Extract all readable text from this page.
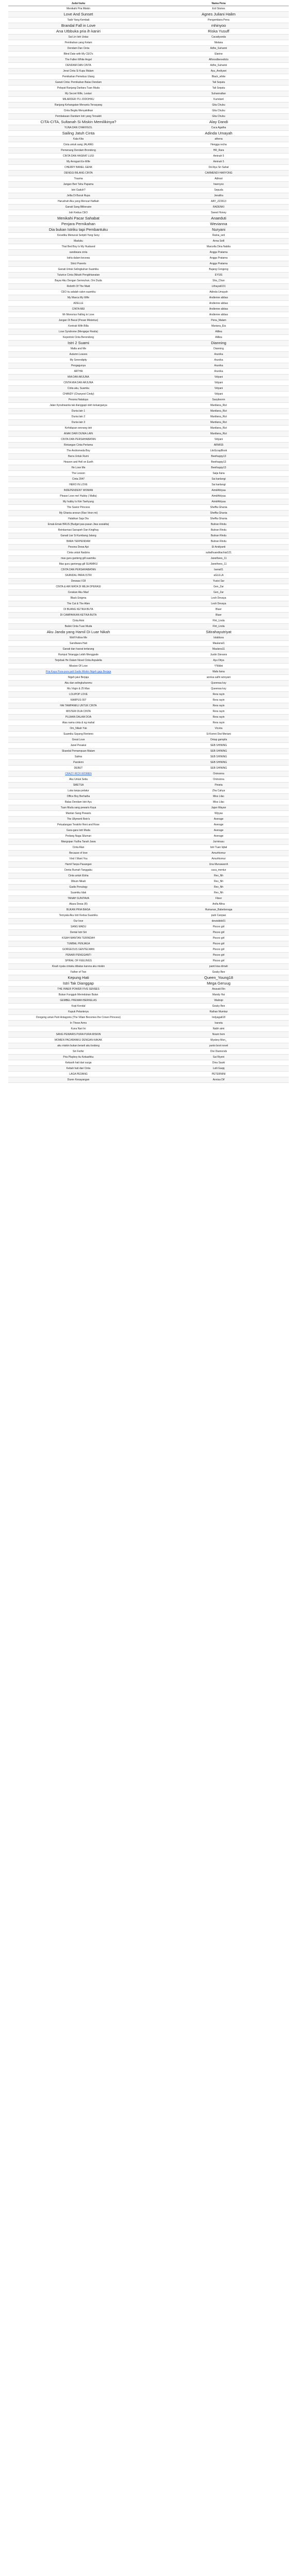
Judul buku	Nama Pena
Menikahi Pria Miskin	Ecil Stories
Love And Sunset	Agnes Juliani Halim
Tadir Yang Kembali	Pengembara Pena
Brandal Fall in Love	mhinyoo
Ana Utbbuka pria ih kaniri	Riska Yusuff
Sai Lin Istri Ustaz	Cacadyunda
Pernikahan yang Kelam	Melana
Dendam Dan Cinta	Adhe_Suhanni
Blind Date with My CEO's	Elarine
The Fallen White Angel	Alfonsdbenedicts
DENDAM DAN CINTA	Adhe_Suhanni
Jerat Cinta Si Kupu Malam	Ayu_Andiyani
Pemikahan Pemebus Utang	Black_white
Ganati Cinta: Pernikahan Balas Dendam	Tali Sepatu
Pelayat Ranjang Daritara Tuan Muda	Tali Sepatu
My Secret Wife, Lestari	Suhannaltan
MILARDER ITU JODOHKU	Kuristant
Ranjang Kehangatan Menantu Tersayang	Gita Chubu
Cinta Begitu Menyakitkan	Gita Chubu
Pembalasan Dandam Istri yang Tersakiti	Gita Chubu
CITA-CITA, Sultanah Si Miskin Memilikinya?	Alay Dandi
YUNA DAN CHANYEOL	Caca Agatha
Sailing Jatuh Cinta	Adinda Umayah
Kala Kita	athena
Cinta untuk sang JALANG	Hengga recha
Pemenang Dendam Brondong	HR_Rara
CINTA DAN HASRAT LUSI	Aminah 5
My Arrogant Ex-Wife	Aminah 5
CHERRY BANEL GENK	Dol Ayu Sri Sahat
DENGGI BILANG CINTA	CARMENDI HARYONG
Trauma	Adinari
Jangan Beri Tahu Papamu	hwenyoo
Istri Gaduh?	Sepuda
Jellia Di Buruk Rupa	Jenafira
Harushah Aku yang Mencari Nafkah	AAY_ZZ2613
Ganati Sang Billionaire	RADENKI
Istri Kedua CEO	Sweet Honey
Menikahi Pacar Sahabat	Anaeduti
Penjara Pernikahan	Wevianna
Dia bukan Istriku tapi Pembantuku	Nuryani
Kesetiku Menuruk Seripiti Yang Sexy	Ratna_seti
Maduku	Anna Seill
That Bed Boy Is My Husband	Marcella Dina Nabila
sandiwara cinta	Angga Pratama
Istrla dalam kecewa	Angga Pratama
Strict Parents	Angga Pratama
Ganati Untuk Selingkuhan Suamiku	Bujang Cengeng
Tuturice Cinta (Nikahi Pengkhianatan	EYSIS
Bayar Aku Dengan Semnuhan, Om Duda	Sha_Chan
Rebirth Of The Maid	Lithayati101
CEO ku adalah calon suamiku	Adinda Umayah
My Mavca My Wife	Andienne abbas
ADELLE	Andienne abbas
CINTA MEI	Andienne abbas
Mr Monorius Falling in Love	Andienne abbas
Jangan Di Bacal (Pesan Misterius)	Pena_Malam
Kontrak With Billa	Mariana_Eia
Love Syndrome (Mengejar Resita)	Alillea
Kepentok Cinta Berondong	Alillea
Istri 2 Suami	Dianning
Mafia and Me	Dianning
Autumn Leaves	Arunika
My Serendipity	Arunika
Pengagunya	Arunika
ARTHA	Arunika
MIA DAN ARJUNA	Vidyani
CINTA MIA DAN ARJUNA	Vidyani
Cinta aku, Suamku	Vidyani
CHANDY (Chanyeol Cindy)	Vidyani
Pesona Nataluya	Saxyboonn
Jalan Kynahwanta tak dianggapi oleh keluarganya	Mardiana_Rizi
Dunia lain 1	Mardiana_Rizi
Dunia lain 2	Mardiana_Rizi
Dunia lain 3	Mardiana_Rizi
Kehidupan seorang istri	Mardiana_Rizi
ANAK DARI DUNIA LAIN	Mardiana_Rizi
CINTA DAN PERSAHABATAN	Vidyani
Rintangan Cinta Pertama	ARMIS5
The Andromeda Boy	LitoScrapBook
Barra Untuk Rumi	Beeihappy13
Heaven and Hell on Earth	Beeihappy13
He Love Me	Beeihappy13
The Lesson	Saija Ilana
Cinta 2047	Sai kanlangi
HERO IN LOVE	Sai kanlangi
INDEPENDENT WOMAN	AimiiAhiiyaa
Please Love me! Hubby ( Mafia)	AimiiAhiiyaa
My hubby Is Kim Taehyung	AimiiAhiiyaa
The Savior Princess	Sheffia Ghania
My Ghania arooun (Rae Veon mi)	Sheffia Ghania
Halalkan Saja Dia	Sheffia Ghania
Emak-Emak BRUS (Budget pas-pasan Jiwa sosialita)	Butiran Rindu
Reinkarnasi Sanapeh Dan Kinglhay	Butiran Rindu
Ganati Liar Si Kumbang Jalang	Butiran Rindu
BARA TERPENDAM	Butiran Rindu
Pesona Dewa Api	Et Andiyanti
Cinta untuk Nadzira	sufadhuanditachial121
mas guru ganteng gill suamiku	Janethees_11
Mas guru gantengg gill SUAMIKU	Janethees_11
CINTA DAN PERSAHABATAN	Isena01
SKANDAL PARA ISTRI	aGULLA
Dewasa V18	Yusisi Sar
CINTA & AIR MATA DI MEJA OPERASI	Gen_Zar
Cerakan Aku Mas!	Gen_Zar
Black Enigma	Lesh Devaya
The Cat & The Alien	Lesh Devaya
DI BUANG KETIKA BUTA	Bluer
DI CAMPAKKAN KETIKA BUTA	Bluer
Cinta Arini	Flirt_Linda
Balski Cinta Tuan Muda	Flirt_Linda
Aku Janda yang Hamil Di Luar Nikah	Sitirahayutriyat
Wolf Follow Me	Islabluva
Sandiwara Hati	Maulanal1
Ganati dan hasrat terlarang	Maulana11
Rumput Tetangga Lebih Menggode	Justin Stevans
Terjebak He Dalam Novel Cinta Anpalelia	Ayu Ditya
Mission Of Love	Y'Wdini
Pria Kaya Pura-pura jadi Gadis Miskin Nigeh gaju Berjaja	Mafa fama
Nigeh jaiui Berjaja	annisa safiri wiroyani
Aku dan selingkuhanmu	Queenaa ksy
Mu Virgin & 25 Man	Queenaa ksy
LOLIPOP LOVE	Rera rayin
KAMPUS 007	Rera rayin
HAI TAMPANKU UNTUK CINTA	Rera rayin
MISTERI DUA CINTA	Rera rayin
PUJAAN DALAM DOA	Rera rayin
Atas nama cinta & ng mahal	Rera rayin
Om_Nikah Yuk	Vicvira
Suamiku Sayang Renteno	Si Komni Dwi Meriani
Great Love	Ontap gampila
Janel Pesaksi	SEB SHINING
Skandal Pemampuan Malam	SEB SHINING
Salma	SEB SHINING
Pandemi	SEB SHINING
DEBUT	SEB SHINING
CRAZY RICH WOMEN	Oninonna
Aku Untuk Setia	Oninonna
SMETSA	Pinieta
Luka tanpa pelatur	Zha Cahya
Office Boy Berhatha	Miss Lilac
Balas Dendam Istri Ayu	Miss Lilac
Tuan Muda sang pewaris Kaya	Jajan Wayan
Mantan Sang Pewaris	Wiyyas
The Ullymerti Rein's	Average
Petualangan Terakhir Reni and Rose	Average
Gara-gara Istri Muda	Average
Pedang Naga Siluman	Average
Mangopan Yudha Tanah Jawa	Jurmirasu
Cinta Alan	Istri Tuan Iqbal
Because of love	Amurhiomur
Vind I Want You	Amurhiomur
Hamil Tanpa Pasangan	Una Munawaroh
Denta Rumah Tanggaku	caca_mentur
Cinta untuk Elsha	Rev_Nh
Dibum Nikah	Rev_Nh
Gadis Penulogy	Rev_Nh
Suamiku Idak	Rev_Nh
TANAH SUNITAVA	Fileer
Akara Dewa (R)	Anifa Afina
BUKAN PRIA BIASA	Humanan_Babebonaga
Ternyata Aku Istri Kedua Suamiku	putri Canpao
Our love	dewisbbb01
SANG MADU	Pisces girl
Dental Istri Siri	Pisces girl
KISAH MANTAN TERINDAH	Pisces girl
TUMBAL PENJAGA	Pisces girl
GORGEOUS GENTELMAN	Pisces girl
PENARI PENGGANTI	Pisces girl
SPIRAL OF FEELINGS	Pisces girl
Kisah nyata cintaku dibalas karena aku miskin	panti kisa dimah
Father of Two	Geaky Bee
Kepung Hati	Queen_Young18
Istri Tak Dianggap	Mega Geruug
THE INNER POWER FIVE SENSES	Anavati Rin
Bukan Fungguk Merindukan Bulan	Mandy Hai
GEMBEL PREMAN BERKELAS	Walinipi
Kopi Kendal	Geaky Bee
Kupuk Pelanterya	Raihan Mumtaz
Dongeng untuk Putri Antagonis (The Villain Becomes the Crown Princess)	Indyagati18
In These Arms	Iraneta
Kuna Nari Ini	Nabh aimi
SANG PEWARIS PURA PURA MISKIN	Noam hem
MOMEN PACARANKU DENGAN KAKAK	Mystery Mon_
aku miskin bukan berarti aku bodong	yanto boot novel
Siri Ferfer	Divi Diamonds
Pria Playboy itu Kekasihku	Sai Riyeni
Kekasih hati dari surga	Dina Sauki
Kebah hati dari Cinta	Lutli Gaqq
LAGA PEDANG	PETERNINI
Duren Kesayangan	Annisa Dif
